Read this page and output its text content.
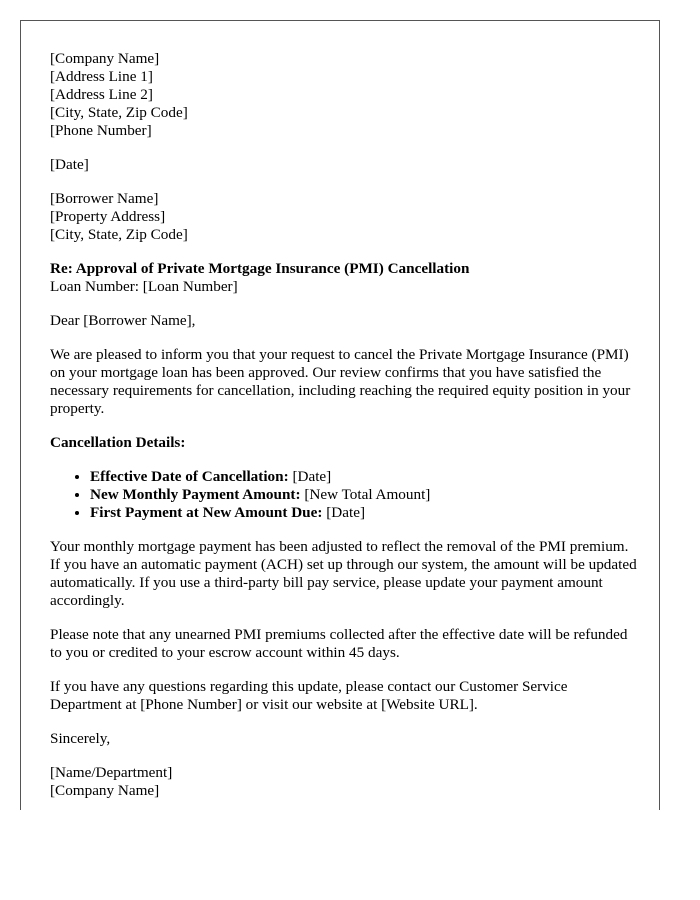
[Company Name]
[Address Line 1]
[Address Line 2]
[City, State, Zip Code]
[Phone Number]
[Date]
[Borrower Name]
[Property Address]
[City, State, Zip Code]
Re: Approval of Private Mortgage Insurance (PMI) Cancellation
Loan Number: [Loan Number]

Dear [Borrower Name],

We are pleased to inform you that your request to cancel the Private Mortgage Insurance (PMI) on your mortgage loan has been approved. Our review confirms that you have satisfied the necessary requirements for cancellation, including reaching the required equity position in your property.

Cancellation Details:

• Effective Date of Cancellation: [Date]
• New Monthly Payment Amount: [New Total Amount]
• First Payment at New Amount Due: [Date]

Your monthly mortgage payment has been adjusted to reflect the removal of the PMI premium. If you have an automatic payment (ACH) set up through our system, the amount will be updated automatically. If you use a third-party bill pay service, please update your payment amount accordingly.

Please note that any unearned PMI premiums collected after the effective date will be refunded to you or credited to your escrow account within 45 days.

If you have any questions regarding this update, please contact our Customer Service Department at [Phone Number] or visit our website at [Website URL].

Sincerely,

[Name/Department]
[Company Name]
